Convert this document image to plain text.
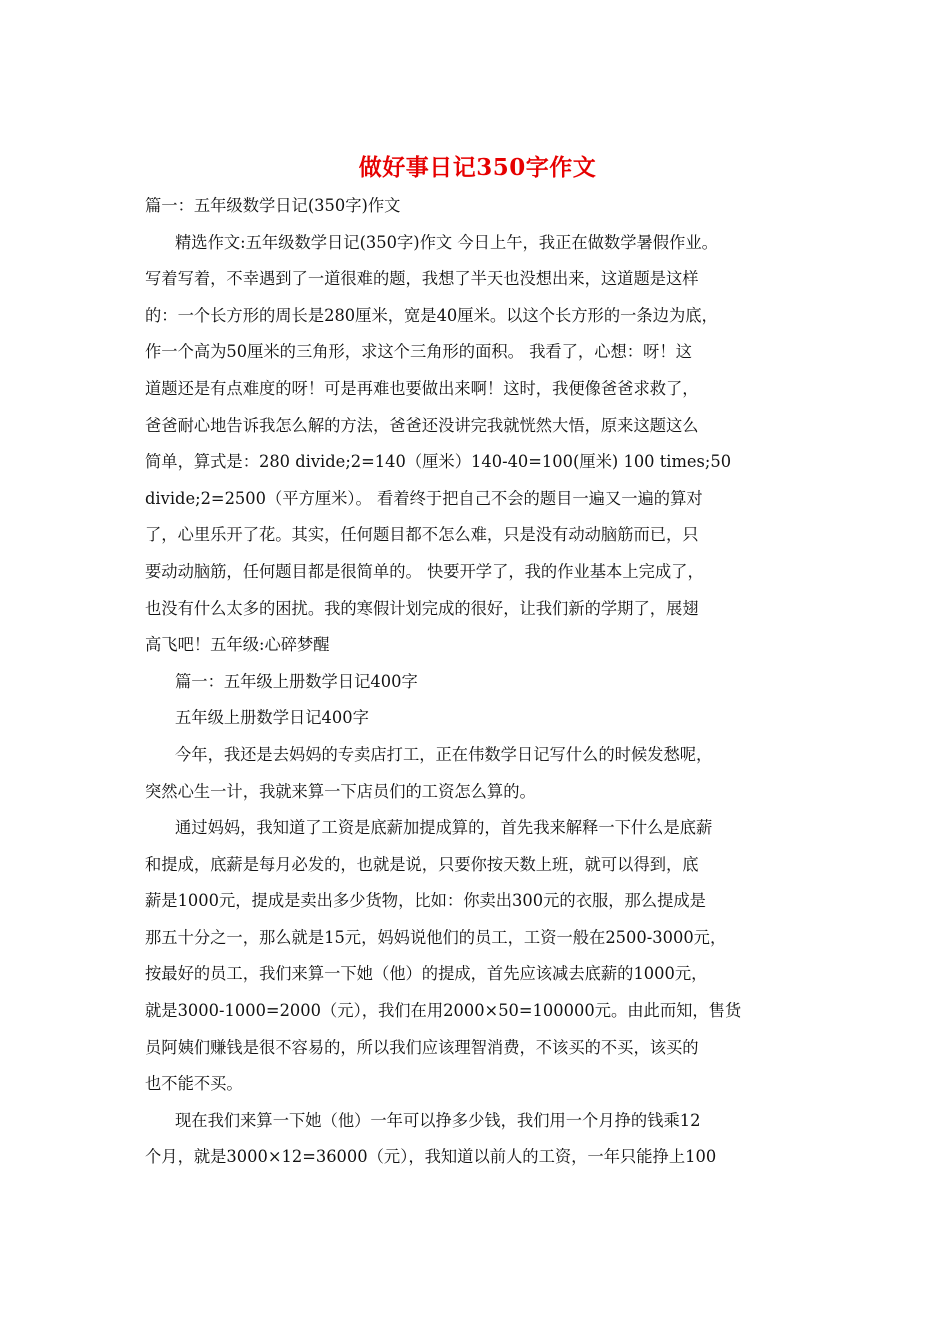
做好事日记350字作文
篇一：五年级数学日记(350字)作文
精选作文:五年级数学日记(350字)作文 今日上午，我正在做数学暑假作业。
写着写着，不幸遇到了一道很难的题，我想了半天也没想出来，这道题是这样
的：一个长方形的周长是280厘米，宽是40厘米。以这个长方形的一条边为底，
作一个高为50厘米的三角形，求这个三角形的面积。 我看了，心想：呀！这
道题还是有点难度的呀！可是再难也要做出来啊！这时，我便像爸爸求救了，
爸爸耐心地告诉我怎么解的方法，爸爸还没讲完我就恍然大悟，原来这题这么
简单，算式是：280 divide;2=140（厘米）140-40=100(厘米) 100 times;50
divide;2=2500（平方厘米）。 看着终于把自己不会的题目一遍又一遍的算对
了，心里乐开了花。其实，任何题目都不怎么难，只是没有动动脑筋而已，只
要动动脑筋，任何题目都是很简单的。 快要开学了，我的作业基本上完成了，
也没有什么太多的困扰。我的寒假计划完成的很好，让我们新的学期了，展翅
高飞吧！五年级:心碎梦醒
篇一：五年级上册数学日记400字
五年级上册数学日记400字
今年，我还是去妈妈的专卖店打工，正在伟数学日记写什么的时候发愁呢，
突然心生一计，我就来算一下店员们的工资怎么算的。
通过妈妈，我知道了工资是底薪加提成算的，首先我来解释一下什么是底薪
和提成，底薪是每月必发的，也就是说，只要你按天数上班，就可以得到，底
薪是1000元，提成是卖出多少货物，比如：你卖出300元的衣服，那么提成是
那五十分之一，那么就是15元，妈妈说他们的员工，工资一般在2500-3000元，
按最好的员工，我们来算一下她（他）的提成，首先应该减去底薪的1000元，
就是3000-1000=2000（元），我们在用2000×50=100000元。由此而知，售货
员阿姨们赚钱是很不容易的，所以我们应该理智消费，不该买的不买，该买的
也不能不买。
现在我们来算一下她（他）一年可以挣多少钱，我们用一个月挣的钱乘12
个月，就是3000×12=36000（元），我知道以前人的工资，一年只能挣上100
